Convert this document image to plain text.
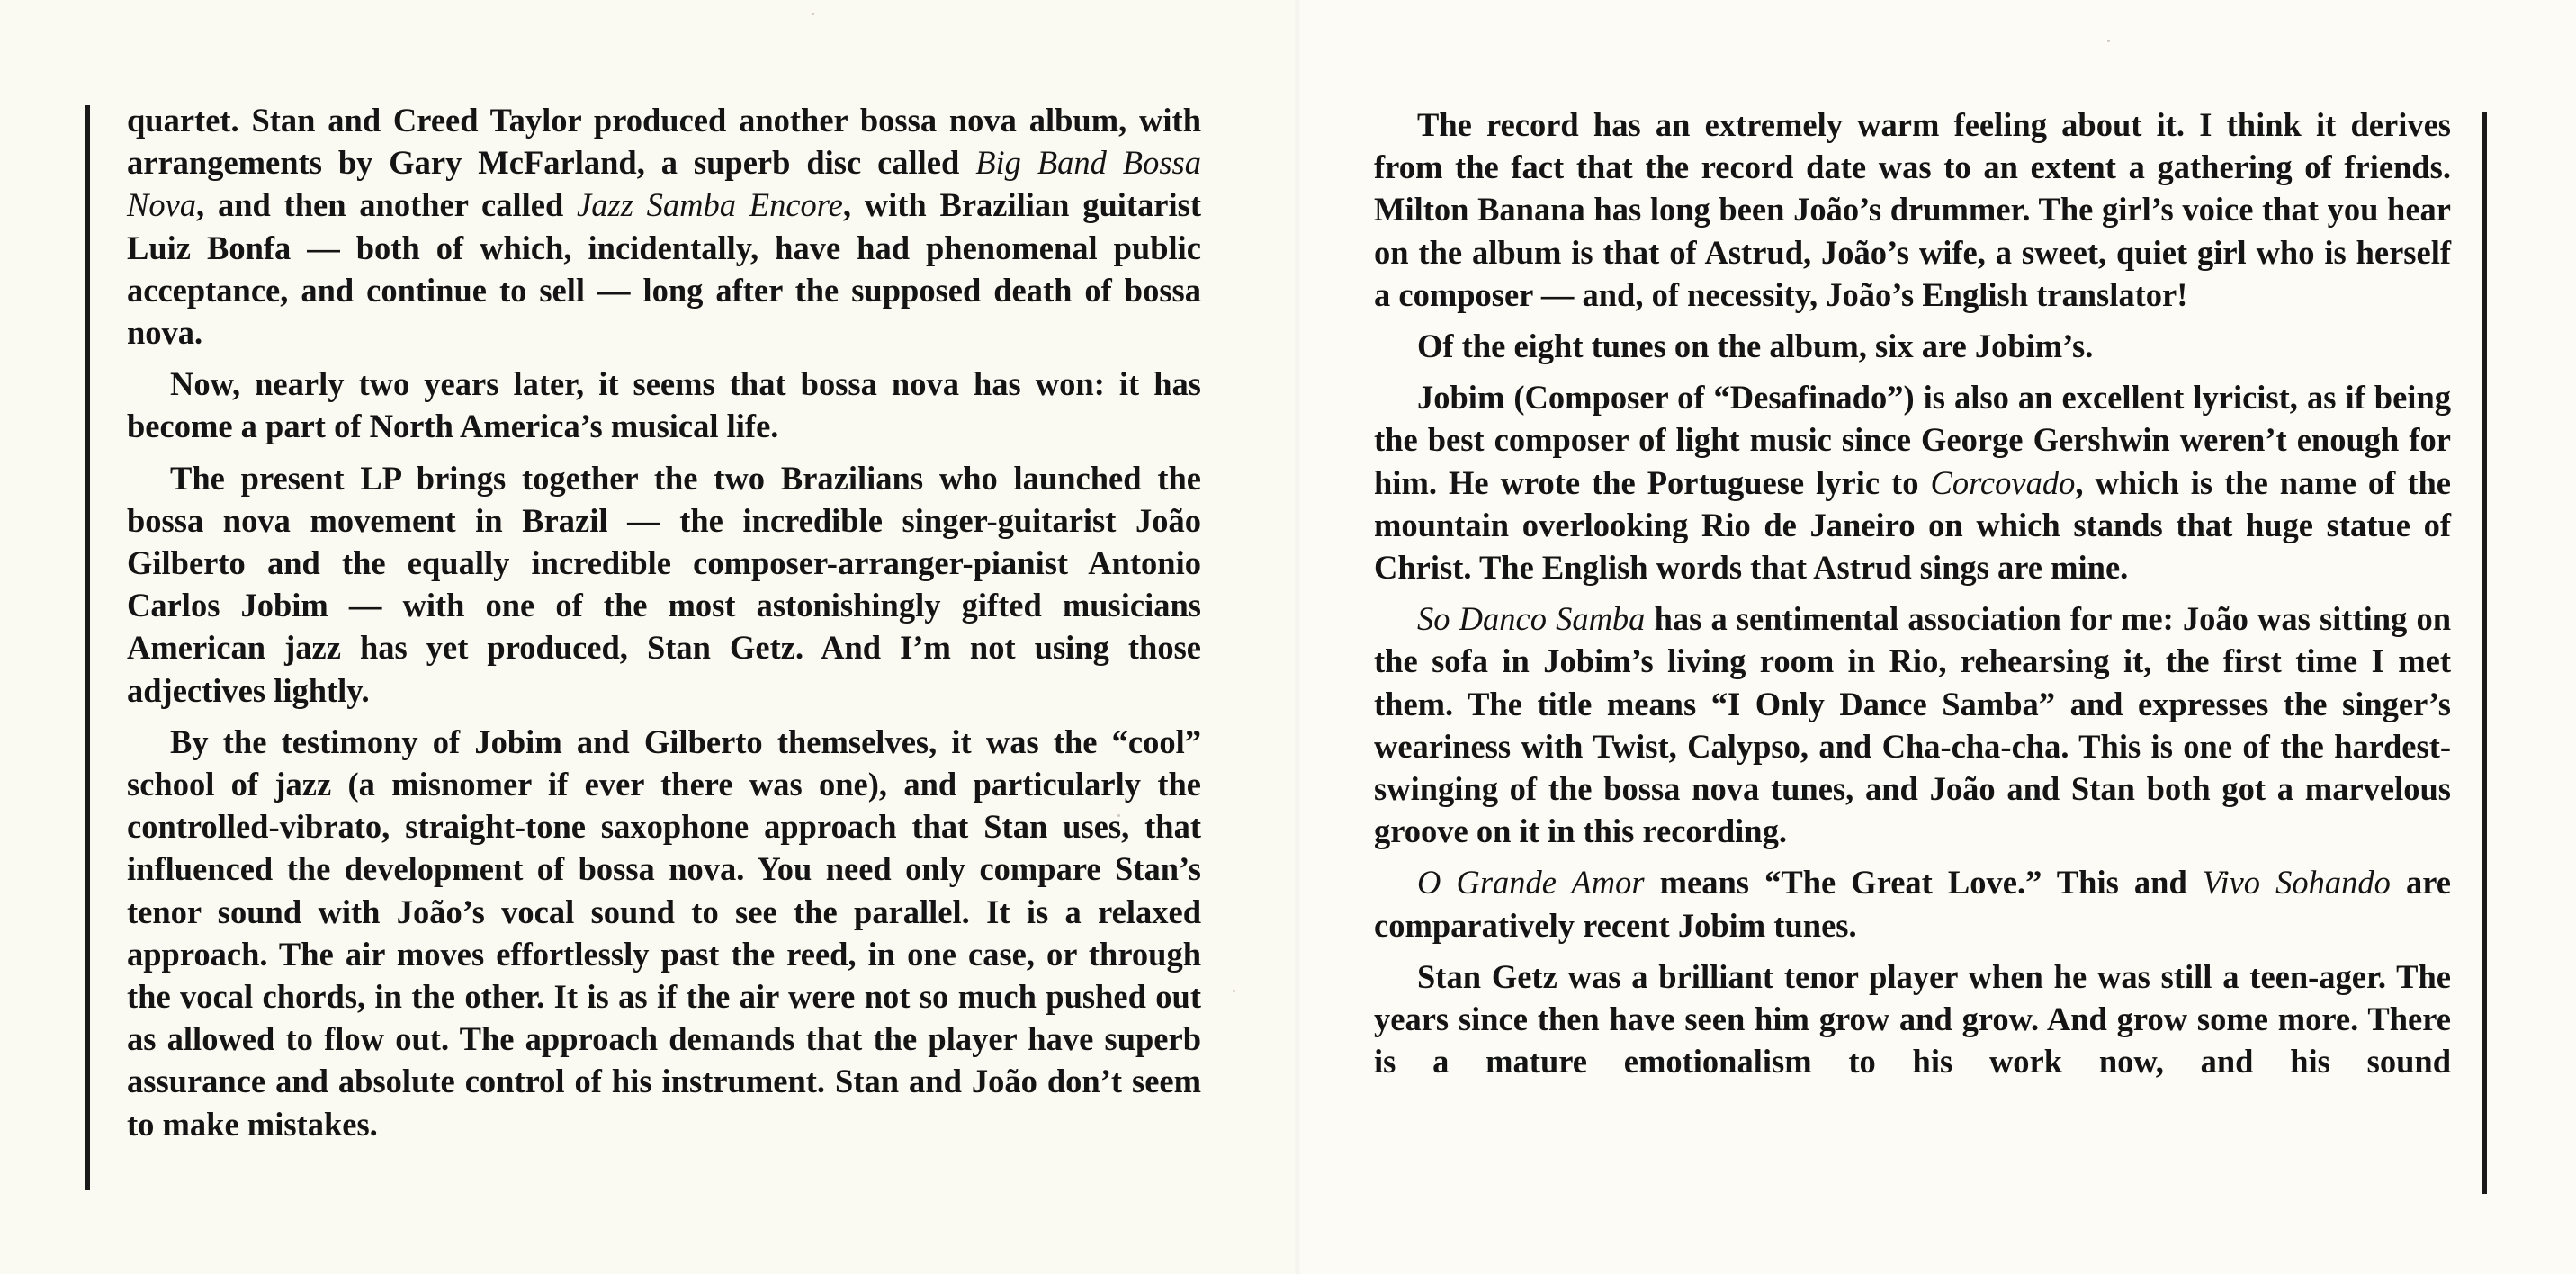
quartet. Stan and Creed Taylor produced another bossa nova album, with arrangements by Gary McFarland, a superb disc called Big Band Bossa Nova, and then another called Jazz Samba Encore, with Brazilian guitarist Luiz Bonfa — both of which, incidentally, have had phenomenal public acceptance, and continue to sell — long after the supposed death of bossa nova.

Now, nearly two years later, it seems that bossa nova has won: it has become a part of North America’s musical life.

The present LP brings together the two Brazilians who launched the bossa nova movement in Brazil — the incredible singer-guitarist João Gilberto and the equally incredible composer-arranger-pianist Antonio Carlos Jobim — with one of the most astonishingly gifted musicians American jazz has yet produced, Stan Getz. And I’m not using those adjectives lightly.

By the testimony of Jobim and Gilberto themselves, it was the “cool” school of jazz (a misnomer if ever there was one), and particularly the controlled-vibrato, straight-tone saxophone approach that Stan uses, that influenced the development of bossa nova. You need only compare Stan’s tenor sound with João’s vocal sound to see the parallel. It is a relaxed approach. The air moves effortlessly past the reed, in one case, or through the vocal chords, in the other. It is as if the air were not so much pushed out as allowed to flow out. The approach demands that the player have superb assurance and absolute control of his instrument. Stan and João don’t seem to make mistakes.

The record has an extremely warm feeling about it. I think it derives from the fact that the record date was to an extent a gathering of friends. Milton Banana has long been João’s drummer. The girl’s voice that you hear on the album is that of Astrud, João’s wife, a sweet, quiet girl who is herself a composer — and, of necessity, João’s English translator!

Of the eight tunes on the album, six are Jobim’s.

Jobim (Composer of “Desafinado”) is also an excellent lyricist, as if being the best composer of light music since George Gershwin weren’t enough for him. He wrote the Portuguese lyric to Corcovado, which is the name of the mountain overlooking Rio de Janeiro on which stands that huge statue of Christ. The English words that Astrud sings are mine.

So Danco Samba has a sentimental association for me: João was sitting on the sofa in Jobim’s living room in Rio, rehearsing it, the first time I met them. The title means “I Only Dance Samba” and expresses the singer’s weariness with Twist, Calypso, and Cha-cha-cha. This is one of the hardest-swinging of the bossa nova tunes, and João and Stan both got a marvelous groove on it in this recording.

O Grande Amor means “The Great Love.” This and Vivo Sohando are comparatively recent Jobim tunes.

Stan Getz was a brilliant tenor player when he was still a teen-ager. The years since then have seen him grow and grow. And grow some more. There is a mature emotionalism to his work now, and his sound
